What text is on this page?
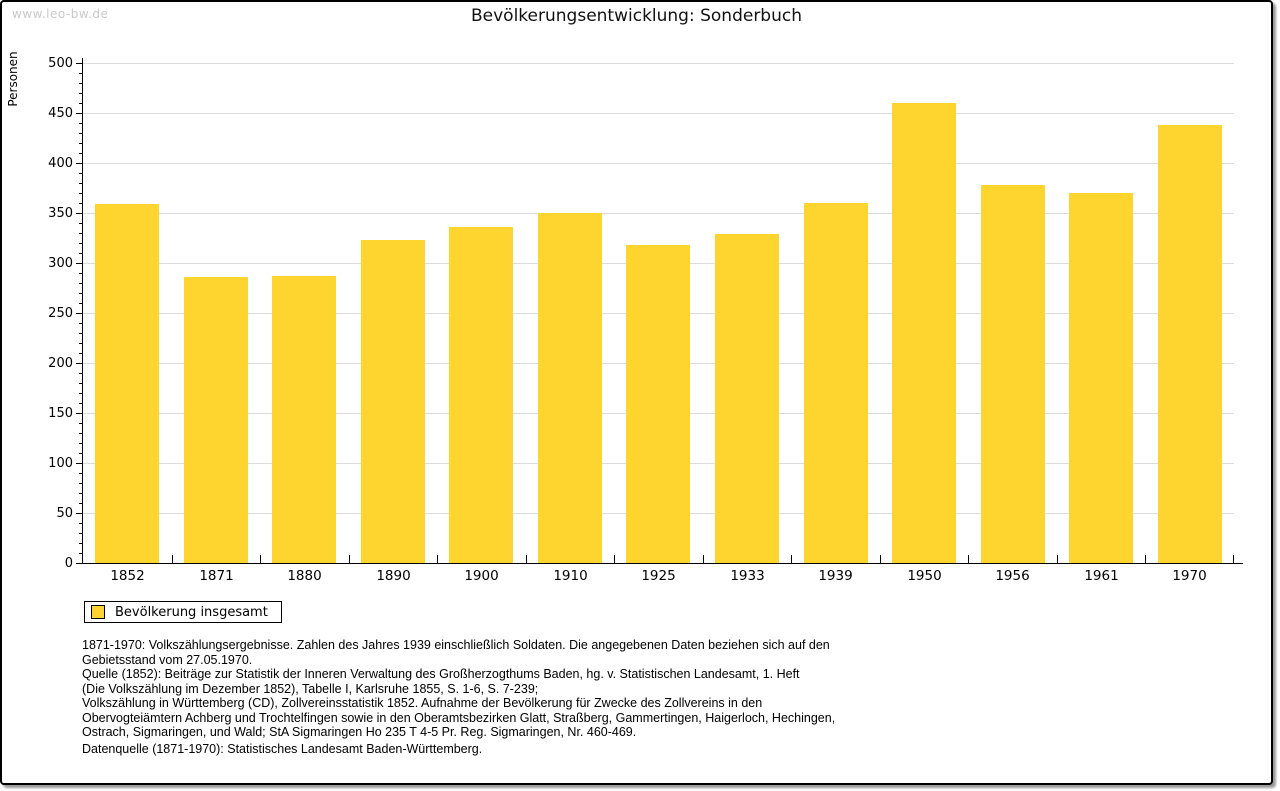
www.leo-bw.de	Bevölkerungsentwicklung: Sonderbuch
Personen
0
50
100
150
200
250
300
350
400
450
500
1852	1871	1880	1890	1900	1910	1925	1933	1939	1950	1956	1961	1970
Bevölkerung insgesamt
1871-1970: Volkszählungsergebnisse. Zahlen des Jahres 1939 einschließlich Soldaten. Die angegebenen Daten beziehen sich auf den
Gebietsstand vom 27.05.1970.
Quelle (1852): Beiträge zur Statistik der Inneren Verwaltung des Großherzogthums Baden, hg. v. Statistischen Landesamt, 1. Heft
(Die Volkszählung im Dezember 1852), Tabelle I, Karlsruhe 1855, S. 1-6, S. 7-239;
Volkszählung in Württemberg (CD), Zollvereinsstatistik 1852. Aufnahme der Bevölkerung für Zwecke des Zollvereins in den
Obervogteiämtern Achberg und Trochtelfingen sowie in den Oberamtsbezirken Glatt, Straßberg, Gammertingen, Haigerloch, Hechingen,
Ostrach, Sigmaringen, und Wald; StA Sigmaringen Ho 235 T 4-5 Pr. Reg. Sigmaringen, Nr. 460-469.
Datenquelle (1871-1970): Statistisches Landesamt Baden-Württemberg.
